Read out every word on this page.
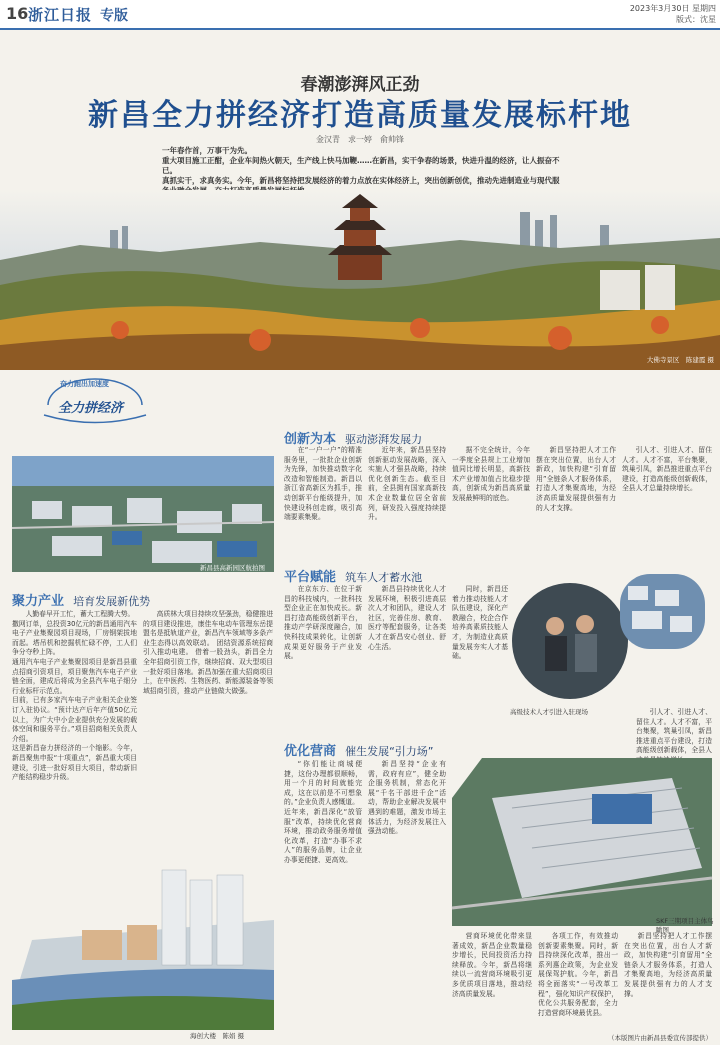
16 浙江日报 专版	2023年3月30日 星期四
版式：沈星
春潮澎湃风正劲
新昌全力拼经济打造高质量发展标杆地
金汉青　求一婷　俞帅锋

一年春作首，万事干为先。

重大项目施工正酣，企业车间热火朝天，生产线上快马加鞭……在新昌，实干争春的场景，快进升温的经济，让人振奋不已。

真抓实干，求真务实。今年，新昌将坚持把发展经济的着力点放在实体经济上，突出创新创优，推动先进制造业与现代服

大佛寺景区　陈建霞 摄
奋力跑出加速度
全力拼经济
新昌县高新园区航拍图
创新为本 驱动澎湃发展力

在“一户一户”的精准服务里，一批批企业创新为先锋，加快推动数字化改造和智能制造。新昌以浙江省高新区为抓手，推动创新平台能级提升，加快建设科创走廊，吸引高端要素集聚。

近年来，新昌县坚持创新驱动发展战略，深入实施人才强县战略，持续优化创新生态。截至目前，全县拥有国家高新技术企业数量位居全省前列，研发投入强度持续提升。

据不完全统计，今年一季度全县规上工业增加值同比增长明显，高新技术产业增加值占比稳步提高，创新成为新昌高质量发展最鲜明的底色。

新昌坚持把人才工作摆在突出位置，出台人才新政，加快构建“引育留用”全链条人才服务体系，打造人才集聚高地，为经济高质量发展提供强有力的人才支撑。

引人才、引进人才、留住人才。人才不富，平台集聚，筑巢引凤，新昌推进重点平台建设，打造高能级创新载体，全县人才总量持续增长。

聚力产业 培育发展新优势

人勤春早开工忙，蓄大工程腾大势。
撒网订单，总投资30亿元的新昌通用汽车电子产业集聚园项目现场，厂房钢架拔地而起。塔吊机和挖掘机忙碌不停，工人们争分夺秒上阵。
通用汽车电子产业集聚园项目是新昌县重点招商引资项目，项目聚焦汽车电子产业链全面，建成后将成为全县汽车电子细分行业标杆示范点。
目前，已有多家汽车电子产业相关企业签订入驻协议。“预计达产后年产值50亿元以上，为广大中小企业提供充分发展的载体空间和服务平台。”项目招商相关负责人介绍。
这是新昌奋力拼经济的一个缩影。今年，新昌聚焦申报“十项重点”，新昌重大项目建设，引进一批好项目大项目，带动新旧产能结构稳步升级。

高质林大项目持续攻坚强劲，稳健推进的项目建设推进，康佳车电动车管理东岳提盟名是抵轨道产业，新昌汽车领域等多条产业生态得以高效联动。 团结资源系统招商引入推动电建。 借着一股劲头，新昌全力全年招商引资工作，继续招商、双大型项目一批好项目落地。新昌加强在重大招商项目上，在中医药、生物医药、新能源装备等领域招商引资，推动产业链做大做强。

平台赋能 筑车人才蓄水池

在京东方、在位于新昌的科技城内，一批科技型企业正在加快成长。新昌打造高能级创新平台，推动产学研深度融合，加快科技成果转化，让创新成果更好服务于产业发展。

新昌县持续优化人才发展环境，积极引进高层次人才和团队，建设人才社区，完善住房、教育、医疗等配套服务，让各类人才在新昌安心创业、舒心生活。

同时，新昌还着力推动技能人才队伍建设，深化产教融合，校企合作培养高素质技能人才，为制造业高质量发展夯实人才基础。

高级技术人才引进入驻现场	引人才、引进人才、留住人才。人才不富，平台集聚，筑巢引凤，新昌推进重点平台建设，打造高能级创新载体，全县人

优化营商 催生发展“引力场”

“你们能让商城便捷，这份办理都很顺畅，用一个月的时间就能完成，这在以前是不可想象的。”企业负责人感慨道。
近年来，新昌深化“放管服”改革，持续优化营商环境，推动政务服务增值化改革，打造“办事不求人”的服务品牌，让企业办事更便捷、更高效。

新昌坚持“企业有需，政府有应”，健全助企服务机制，常态化开展“千名干部进千企”活动，帮助企业解决发展中遇到的难题，激发市场主体活力，为经济发展注入强劲动能。

营商环境优化带来显著成效，新昌企业数量稳步增长，民间投资活力持续释放。今年，新昌将继续以一流营商环境吸引更多优质项目落地，推动经济高质量发展。

各项工作，有效推动创新要素集聚。同时，新昌持续深化改革，推出一系列惠企政策，为企业发展保驾护航。今年，新昌将全面落实“一号改革工程”，强化知识产权保护，优化公共服务配套，全力打造营商环境最优县。

新昌坚持把人才工作摆在突出位置，出台人才新政，加快构建“引育留用”全链条人才服务体系，打造人才集聚高地，为经济高质量发展提供强有力的人才支撑。

SKF三期项目主体鸟瞰图
海创大楼　陈娟 摄	（本版图片由新昌县委宣传部提供）
